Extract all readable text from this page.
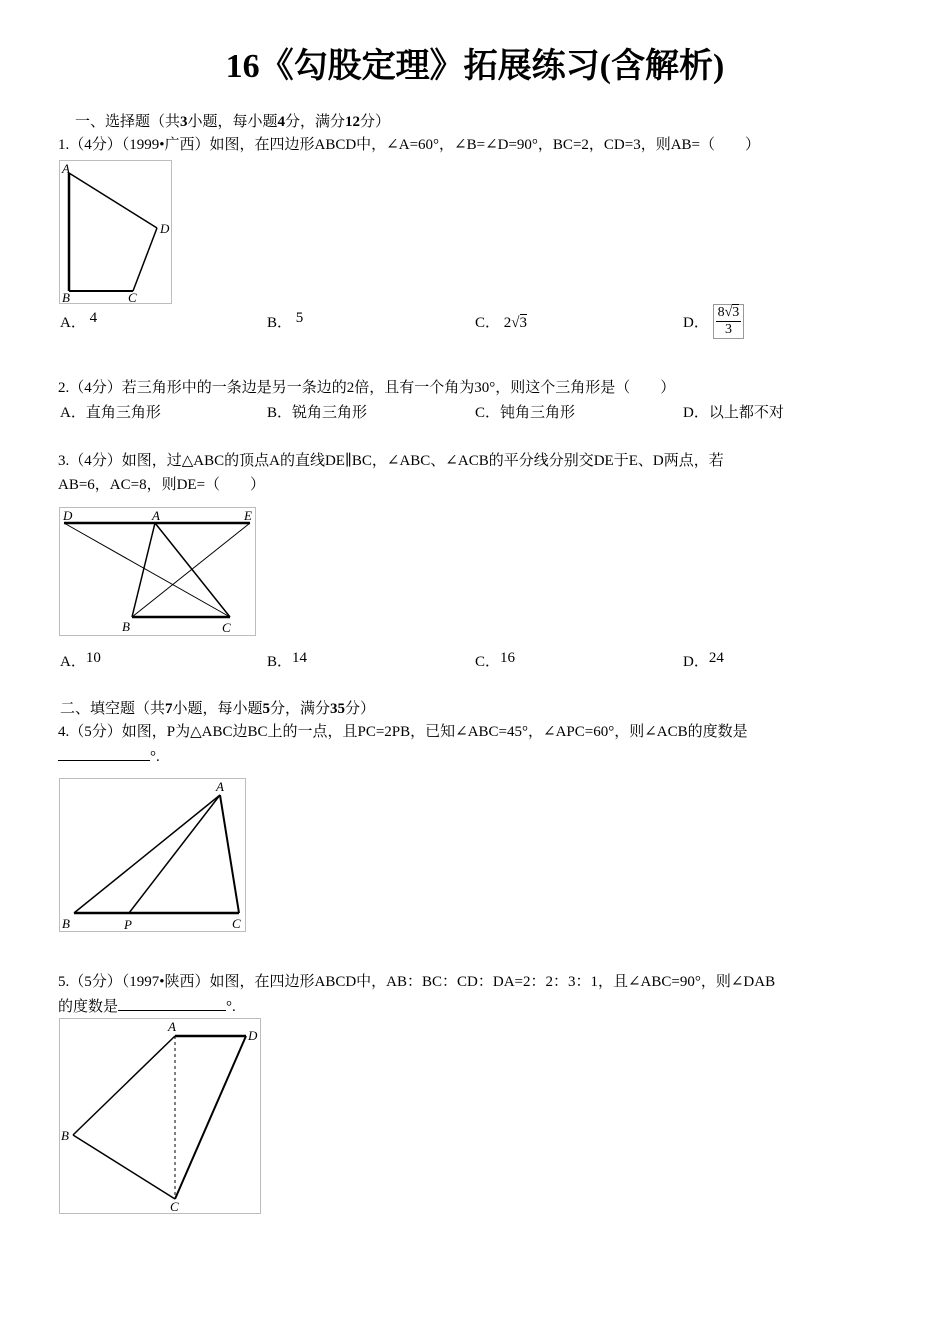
16《勾股定理》拓展练习(含解析)
一、选择题（共3小题，每小题4分，满分12分）
1.（4分）（1999•广西）如图，在四边形ABCD中，∠A=60°，∠B=∠D=90°，BC=2，CD=3，则AB=（　　）
A
B	C
D
A． 4	B． 5	C． 2√3	D． $\frac{8√3}{3}$
2.（4分）若三角形中的一条边是另一条边的2倍，且有一个角为30°，则这个三角形是（　　）
A．直角三角形	B．锐角三角形	C．钝角三角形	D．以上都不对
3.（4分）如图，过△ABC的顶点A的直线DE∥BC，∠ABC、∠ACB的平分线分别交DE于E、D两点，若
AB=6，AC=8，则DE=（　　）
D	A	E
B	C
A．10	B．14	C．16	D．24
二、填空题（共7小题，每小题5分，满分35分）
4.（5分）如图，P为△ABC边BC上的一点，且PC=2PB，已知∠ABC=45°，∠APC=60°，则∠ACB的度数是
°.
A
B	P	C
5.（5分）（1997•陕西）如图，在四边形ABCD中，AB：BC：CD：DA=2：2：3：1，且∠ABC=90°，则∠DAB
的度数是	°.
A
B
C
D
